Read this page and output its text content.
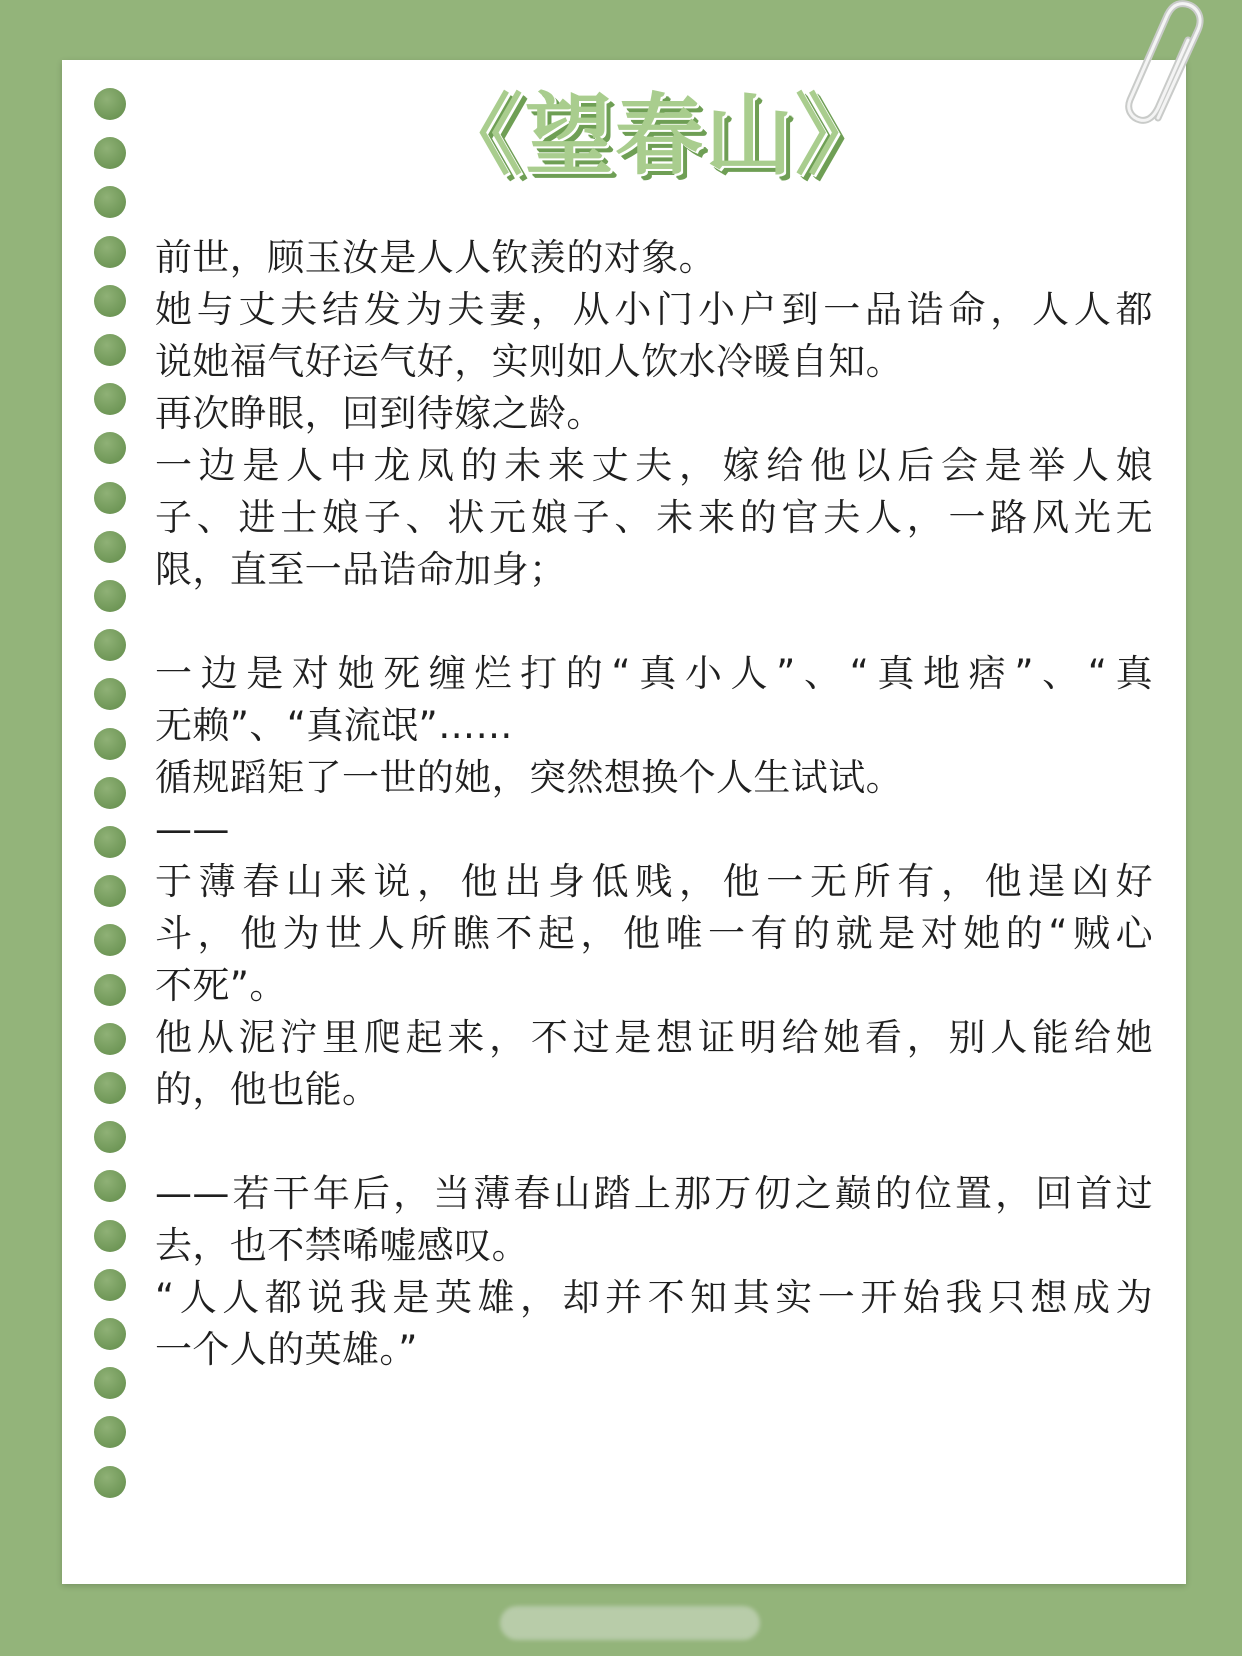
《望春山》
前世，顾玉汝是人人钦羡的对象。
她与丈夫结发为夫妻，从小门小户到一品诰命，人人都
说她福气好运气好，实则如人饮水冷暖自知。
再次睁眼，回到待嫁之龄。
一边是人中龙凤的未来丈夫，嫁给他以后会是举人娘
子、进士娘子、状元娘子、未来的官夫人，一路风光无
限，直至一品诰命加身；
一边是对她死缠烂打的“真小人”、“真地痞”、“真
无赖”、“真流氓”……
循规蹈矩了一世的她，突然想换个人生试试。
——
于薄春山来说，他出身低贱，他一无所有，他逞凶好
斗，他为世人所瞧不起，他唯一有的就是对她的“贼心
不死”。
他从泥泞里爬起来，不过是想证明给她看，别人能给她
的，他也能。
——若干年后，当薄春山踏上那万仞之巅的位置，回首过
去，也不禁唏嘘感叹。
“人人都说我是英雄，却并不知其实一开始我只想成为
一个人的英雄。”
